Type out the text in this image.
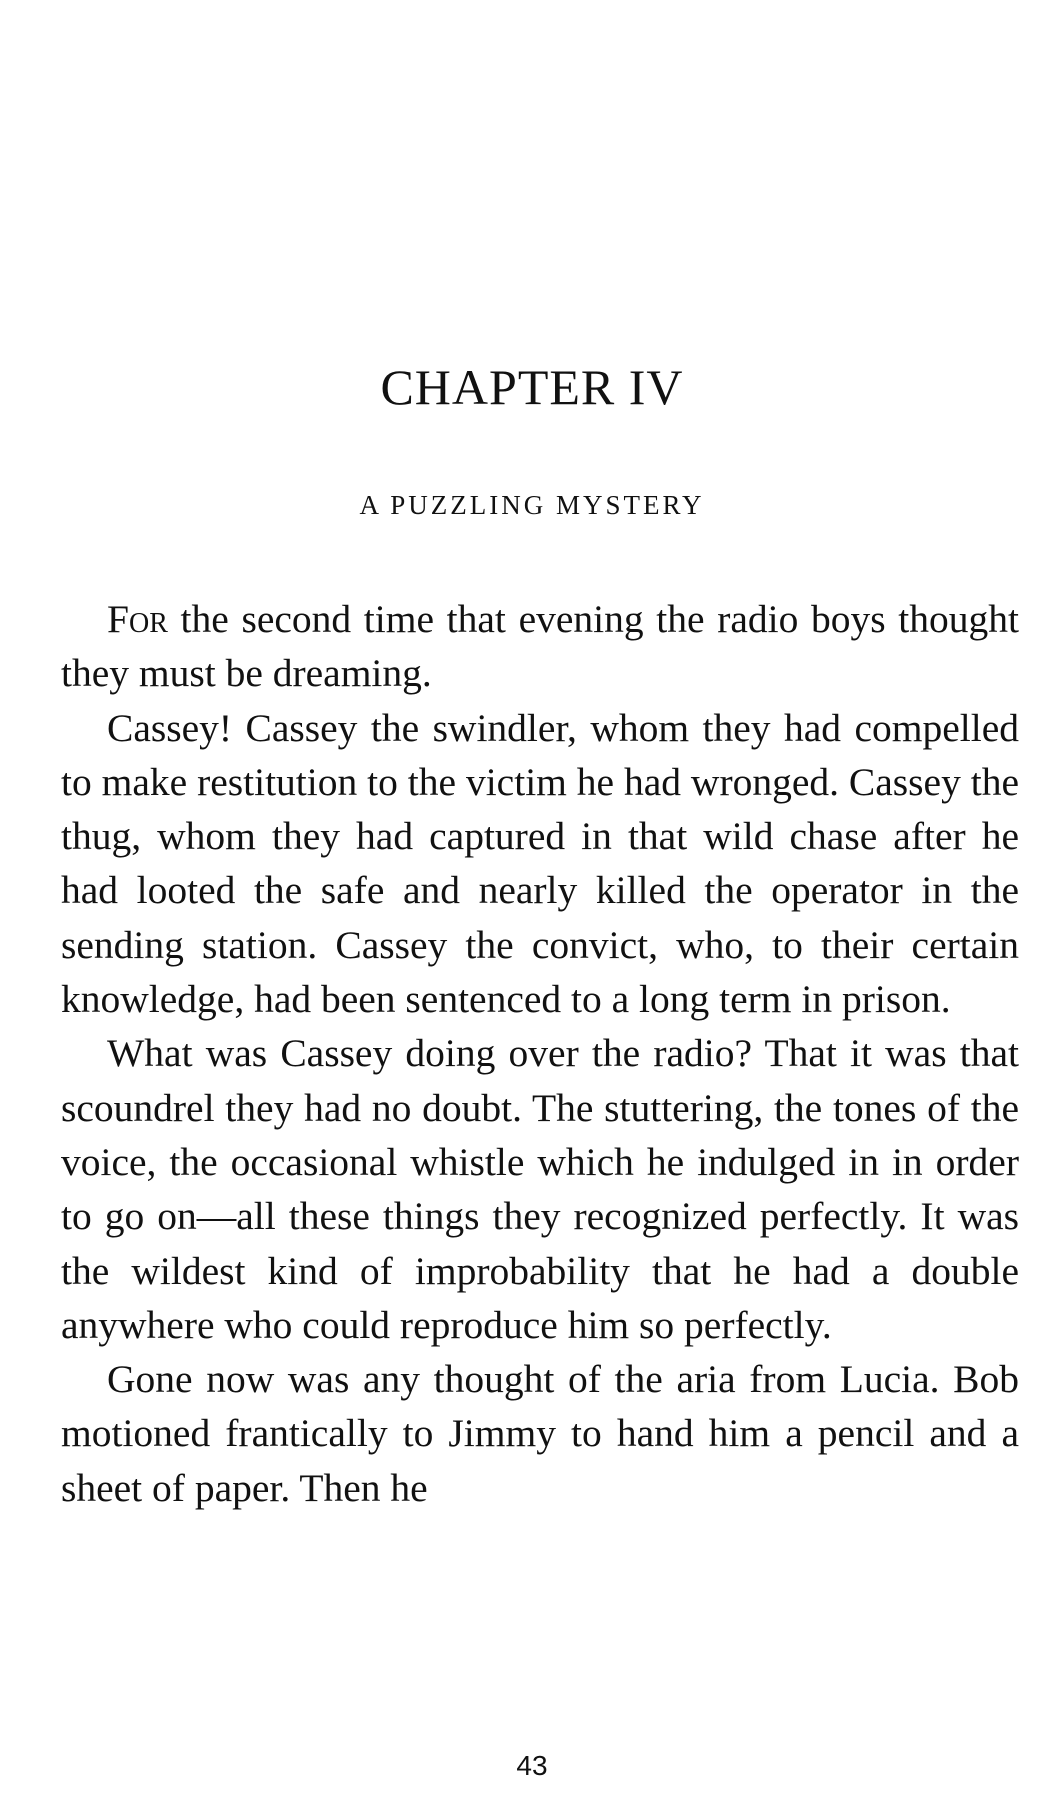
CHAPTER IV
A PUZZLING MYSTERY

For the second time that evening the radio boys thought they must be dreaming.

Cassey! Cassey the swindler, whom they had compelled to make restitution to the victim he had wronged. Cassey the thug, whom they had captured in that wild chase after he had looted the safe and nearly killed the operator in the sending station. Cassey the convict, who, to their certain knowledge, had been sentenced to a long term in prison.

What was Cassey doing over the radio? That it was that scoundrel they had no doubt. The stuttering, the tones of the voice, the occasional whistle which he indulged in in order to go on—all these things they recognized perfectly. It was the wildest kind of improbability that he had a double anywhere who could reproduce him so perfectly.

Gone now was any thought of the aria from Lucia. Bob motioned frantically to Jimmy to hand him a pencil and a sheet of paper. Then he

43
